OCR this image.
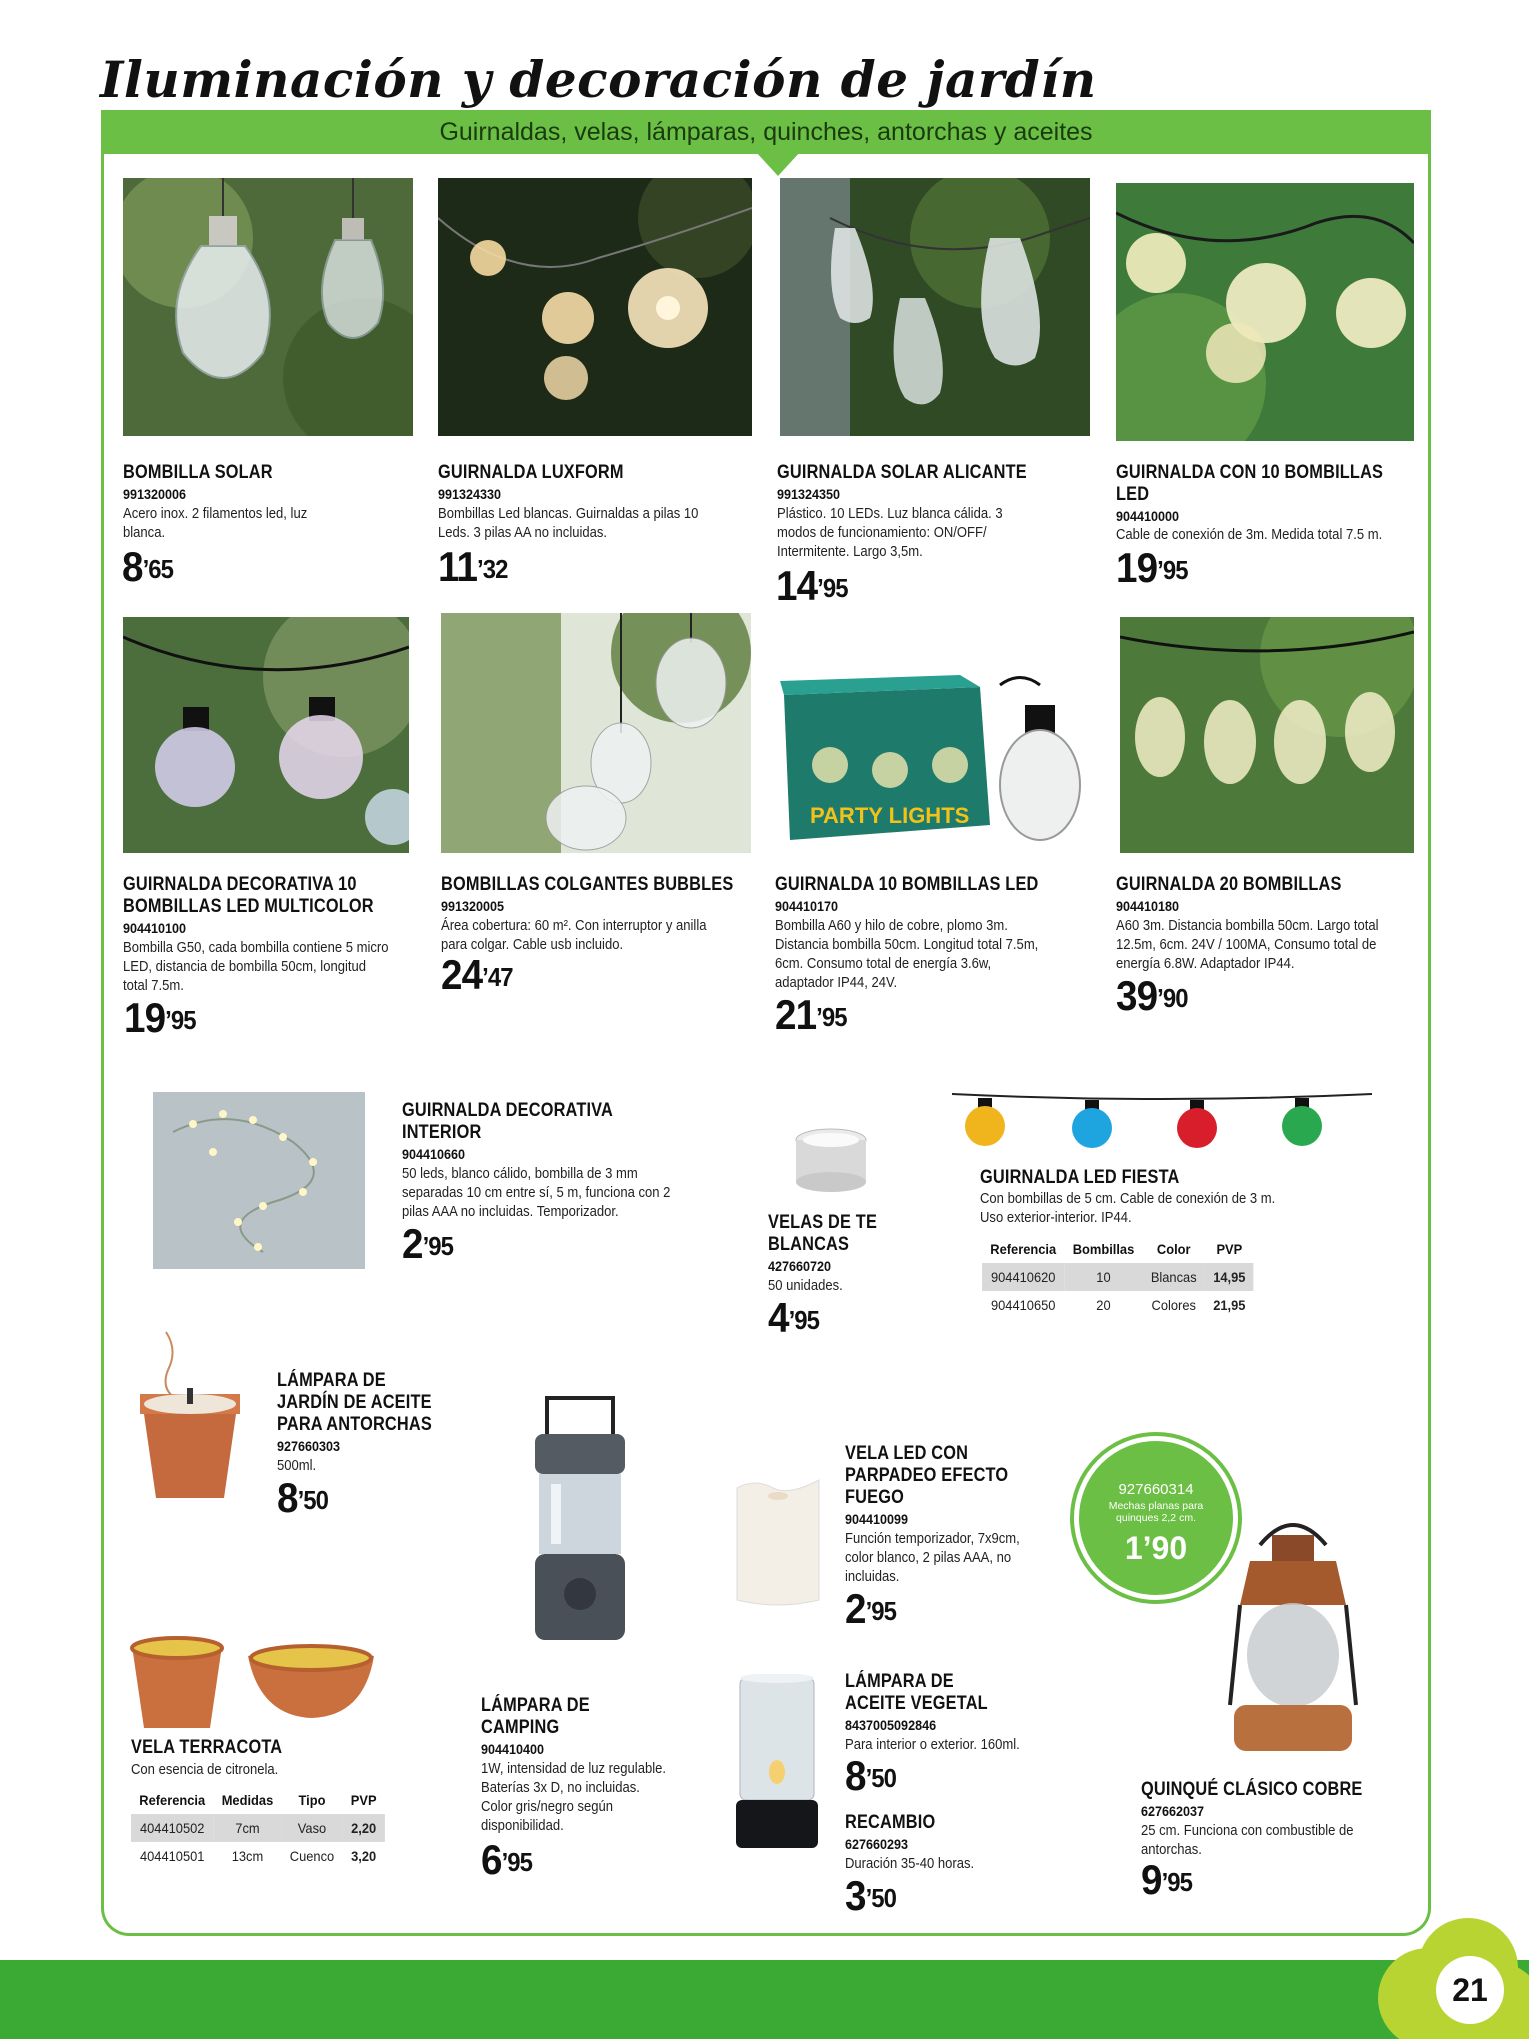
Iluminación y decoración de jardín
Guirnaldas, velas, lámparas, quinches, antorchas y aceites
BOMBILLA SOLAR
991320006
Acero inox. 2 filamentos led, luz blanca.
$8^{’65}$
GUIRNALDA LUXFORM
991324330
Bombillas Led blancas. Guirnaldas a pilas 10 Leds. 3 pilas AA no incluidas.
$11^{’32}$
GUIRNALDA SOLAR ALICANTE
991324350
Plástico. 10 LEDs. Luz blanca cálida. 3 modos de funcionamiento: ON/OFF/ Intermitente. Largo 3,5m.
$14^{’95}$
GUIRNALDA CON 10 BOMBILLAS LED
904410000
Cable de conexión de 3m. Medida total 7.5 m.
$19^{’95}$
PARTY LIGHTS
GUIRNALDA DECORATIVA 10 BOMBILLAS LED MULTICOLOR
904410100
Bombilla G50, cada bombilla contiene 5 micro LED, distancia de bombilla 50cm, longitud total 7.5m.
$19^{’95}$
BOMBILLAS COLGANTES BUBBLES
991320005
Área cobertura: 60 m². Con interruptor y anilla para colgar. Cable usb incluido.
$24^{’47}$
GUIRNALDA 10 BOMBILLAS LED
904410170
Bombilla A60 y hilo de cobre, plomo 3m. Distancia bombilla 50cm. Longitud total 7.5m, 6cm. Consumo total de energía 3.6w, adaptador IP44, 24V.
$21^{’95}$
GUIRNALDA 20 BOMBILLAS
904410180
A60 3m. Distancia bombilla 50cm. Largo total 12.5m, 6cm. 24V / 100MA, Consumo total de energía 6.8W. Adaptador IP44.
$39^{’90}$
GUIRNALDA DECORATIVA INTERIOR
904410660
50 leds, blanco cálido, bombilla de 3 mm separadas 10 cm entre sí, 5 m, funciona con 2 pilas AAA no incluidas. Temporizador.
$2^{’95}$
VELAS DE TE BLANCAS
427660720
50 unidades.
$4^{’95}$
GUIRNALDA LED FIESTA
Con bombillas de 5 cm. Cable de conexión de 3 m. Uso exterior-interior. IP44.
Referencia	Bombillas	Color	PVP
904410620	10	Blancas	14,95
904410650	20	Colores	21,95
LÁMPARA DE JARDÍN DE ACEITE PARA ANTORCHAS
927660303
500ml.
$8^{’50}$
LÁMPARA DE CAMPING
904410400
1W, intensidad de luz regulable. Baterías 3x D, no incluidas. Color gris/negro según disponibilidad.
$6^{’95}$
VELA LED CON PARPADEO EFECTO FUEGO
904410099
Función temporizador, 7x9cm, color blanco, 2 pilas AAA, no incluidas.
$2^{’95}$
927660314
Mechas planas para quinques 2,2 cm.
1’90
QUINQUÉ CLÁSICO COBRE
627662037
25 cm. Funciona con combustible de antorchas.
$9^{’95}$
VELA TERRACOTA
Con esencia de citronela.
Referencia	Medidas	Tipo	PVP
404410502	7cm	Vaso	2,20
404410501	13cm	Cuenco	3,20
LÁMPARA DE ACEITE VEGETAL
8437005092846
Para interior o exterior. 160ml.
$8^{’50}$
RECAMBIO
627660293
Duración 35-40 horas.
$3^{’50}$
21
